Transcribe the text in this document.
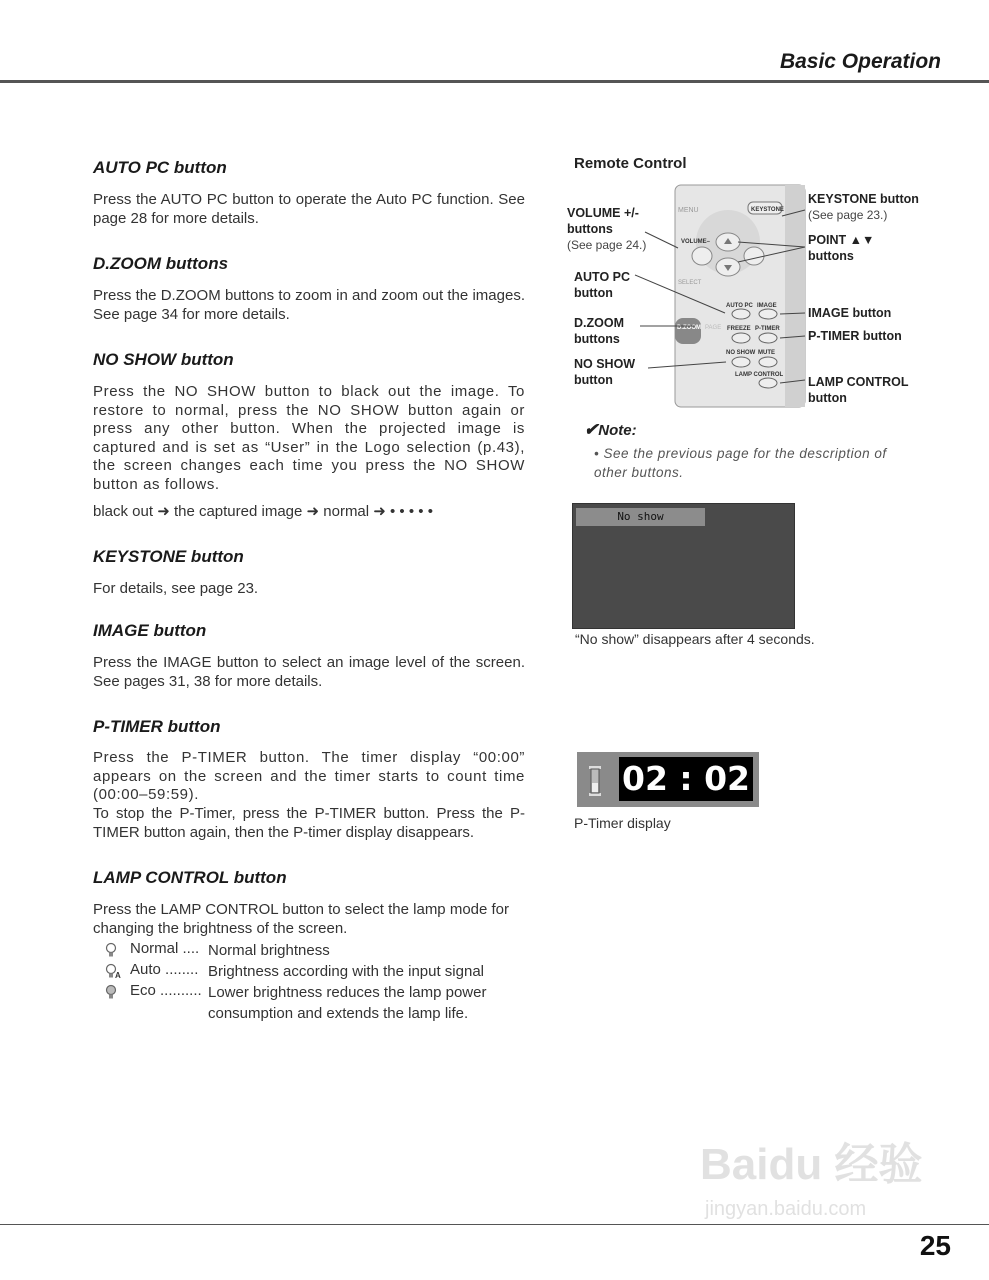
Basic Operation
AUTO PC button
Press the AUTO PC button to operate the Auto PC function. See page 28 for more details.
D.ZOOM buttons
Press the D.ZOOM buttons to zoom in and zoom out the images. See page 34 for more details.
NO SHOW button
Press the NO SHOW button to black out the image. To restore to normal, press the NO SHOW button again or press any other button. When the projected image is captured and is set as “User” in the Logo selection (p.43), the screen changes each time you press the NO SHOW button as follows.
black out ➜ the captured image ➜ normal ➜ • • • • •
KEYSTONE button
For details, see page 23.
IMAGE button
Press the IMAGE button to select an image level of the screen. See pages 31, 38 for more details.
P-TIMER button
Press the P-TIMER button. The timer display “00:00” appears on the screen and the timer starts to count time (00:00–59:59).
To stop the P-Timer, press the P-TIMER button. Press the P-TIMER button again, then the P-timer display disappears.
LAMP CONTROL button
Press the LAMP CONTROL button to select the lamp mode for changing the brightness of the screen.
Normal .... Normal brightness
A Auto ........ Brightness according with the input signal
Eco .......... Lower brightness reduces the lamp power consumption and extends the lamp life.
Remote Control
MENU	KEYSTONE
VOLUME–
SELECT
AUTO PC IMAGE
D.ZOOM PAGE FREEZE P-TIMER
NO SHOW MUTE
LAMP CONTROL
VOLUME +/- buttons
(See page 24.)
AUTO PC button
D.ZOOM buttons
NO SHOW button
KEYSTONE button
(See page 23.)
POINT ▲▼ buttons
IMAGE button
P-TIMER button
LAMP CONTROL button
✔Note:
• See the previous page for the description of other buttons.
No show
“No show” disappears after 4 seconds.
02 : 02
P-Timer display
Baidu 经验
jingyan.baidu.com
25
